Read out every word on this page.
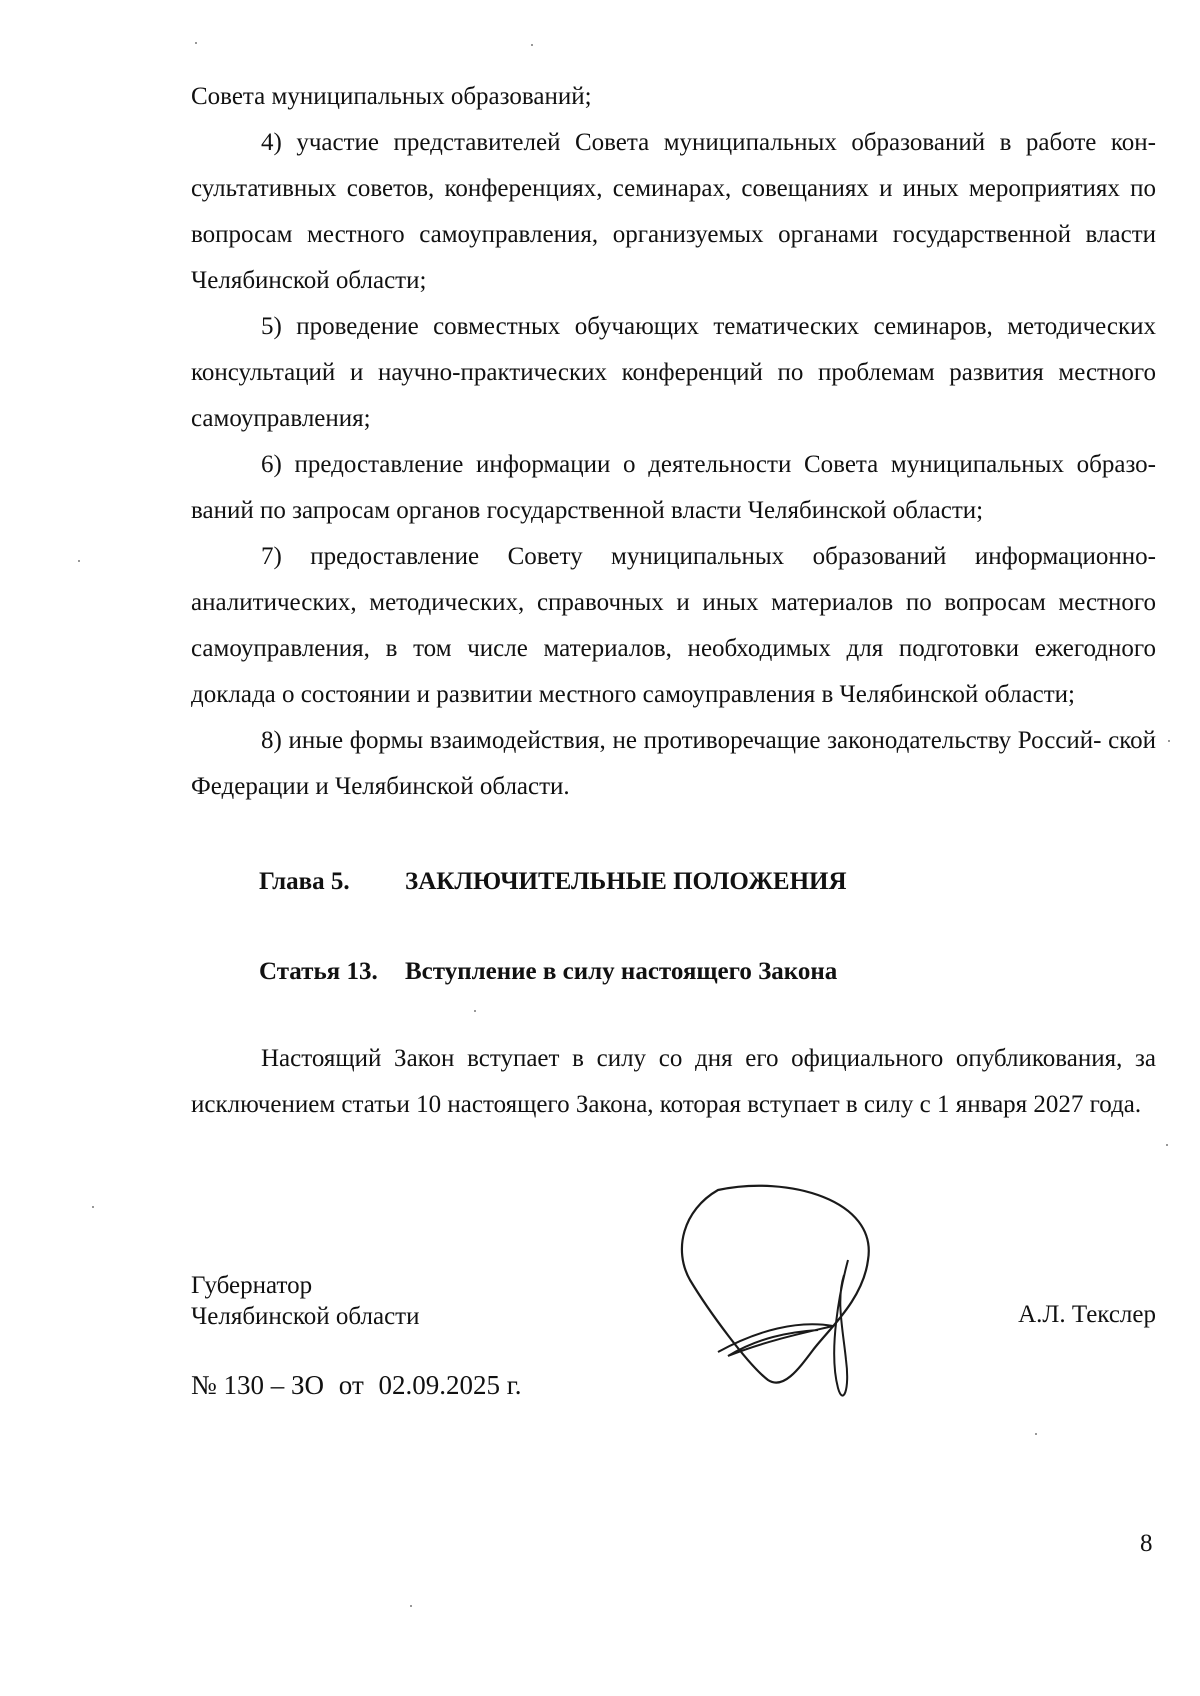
Совета муниципальных образований;

4) участие представителей Совета муниципальных образований в работе кон- сультативных советов, конференциях, семинарах, совещаниях и иных мероприятиях по вопросам местного самоуправления, организуемых органами государственной власти Челябинской области;

5) проведение совместных обучающих тематических семинаров, методических консультаций и научно-практических конференций по проблемам развития местного самоуправления;

6) предоставление информации о деятельности Совета муниципальных образо- ваний по запросам органов государственной власти Челябинской области;

7) предоставление Совету муниципальных образований информационно- аналитических, методических, справочных и иных материалов по вопросам местного самоуправления, в том числе материалов, необходимых для подготовки ежегодного доклада о состоянии и развитии местного самоуправления в Челябинской области;

8) иные формы взаимодействия, не противоречащие законодательству Россий- ской Федерации и Челябинской области.

Глава 5. ЗАКЛЮЧИТЕЛЬНЫЕ ПОЛОЖЕНИЯ
Статья 13. Вступление в силу настоящего Закона

Настоящий Закон вступает в силу со дня его официального опубликования, за исключением статьи 10 настоящего Закона, которая вступает в силу с 1 января 2027 года.

Губернатор
Челябинской области	А.Л. Текслер
№ 130 – ЗО от 02.09.2025 г.
8
